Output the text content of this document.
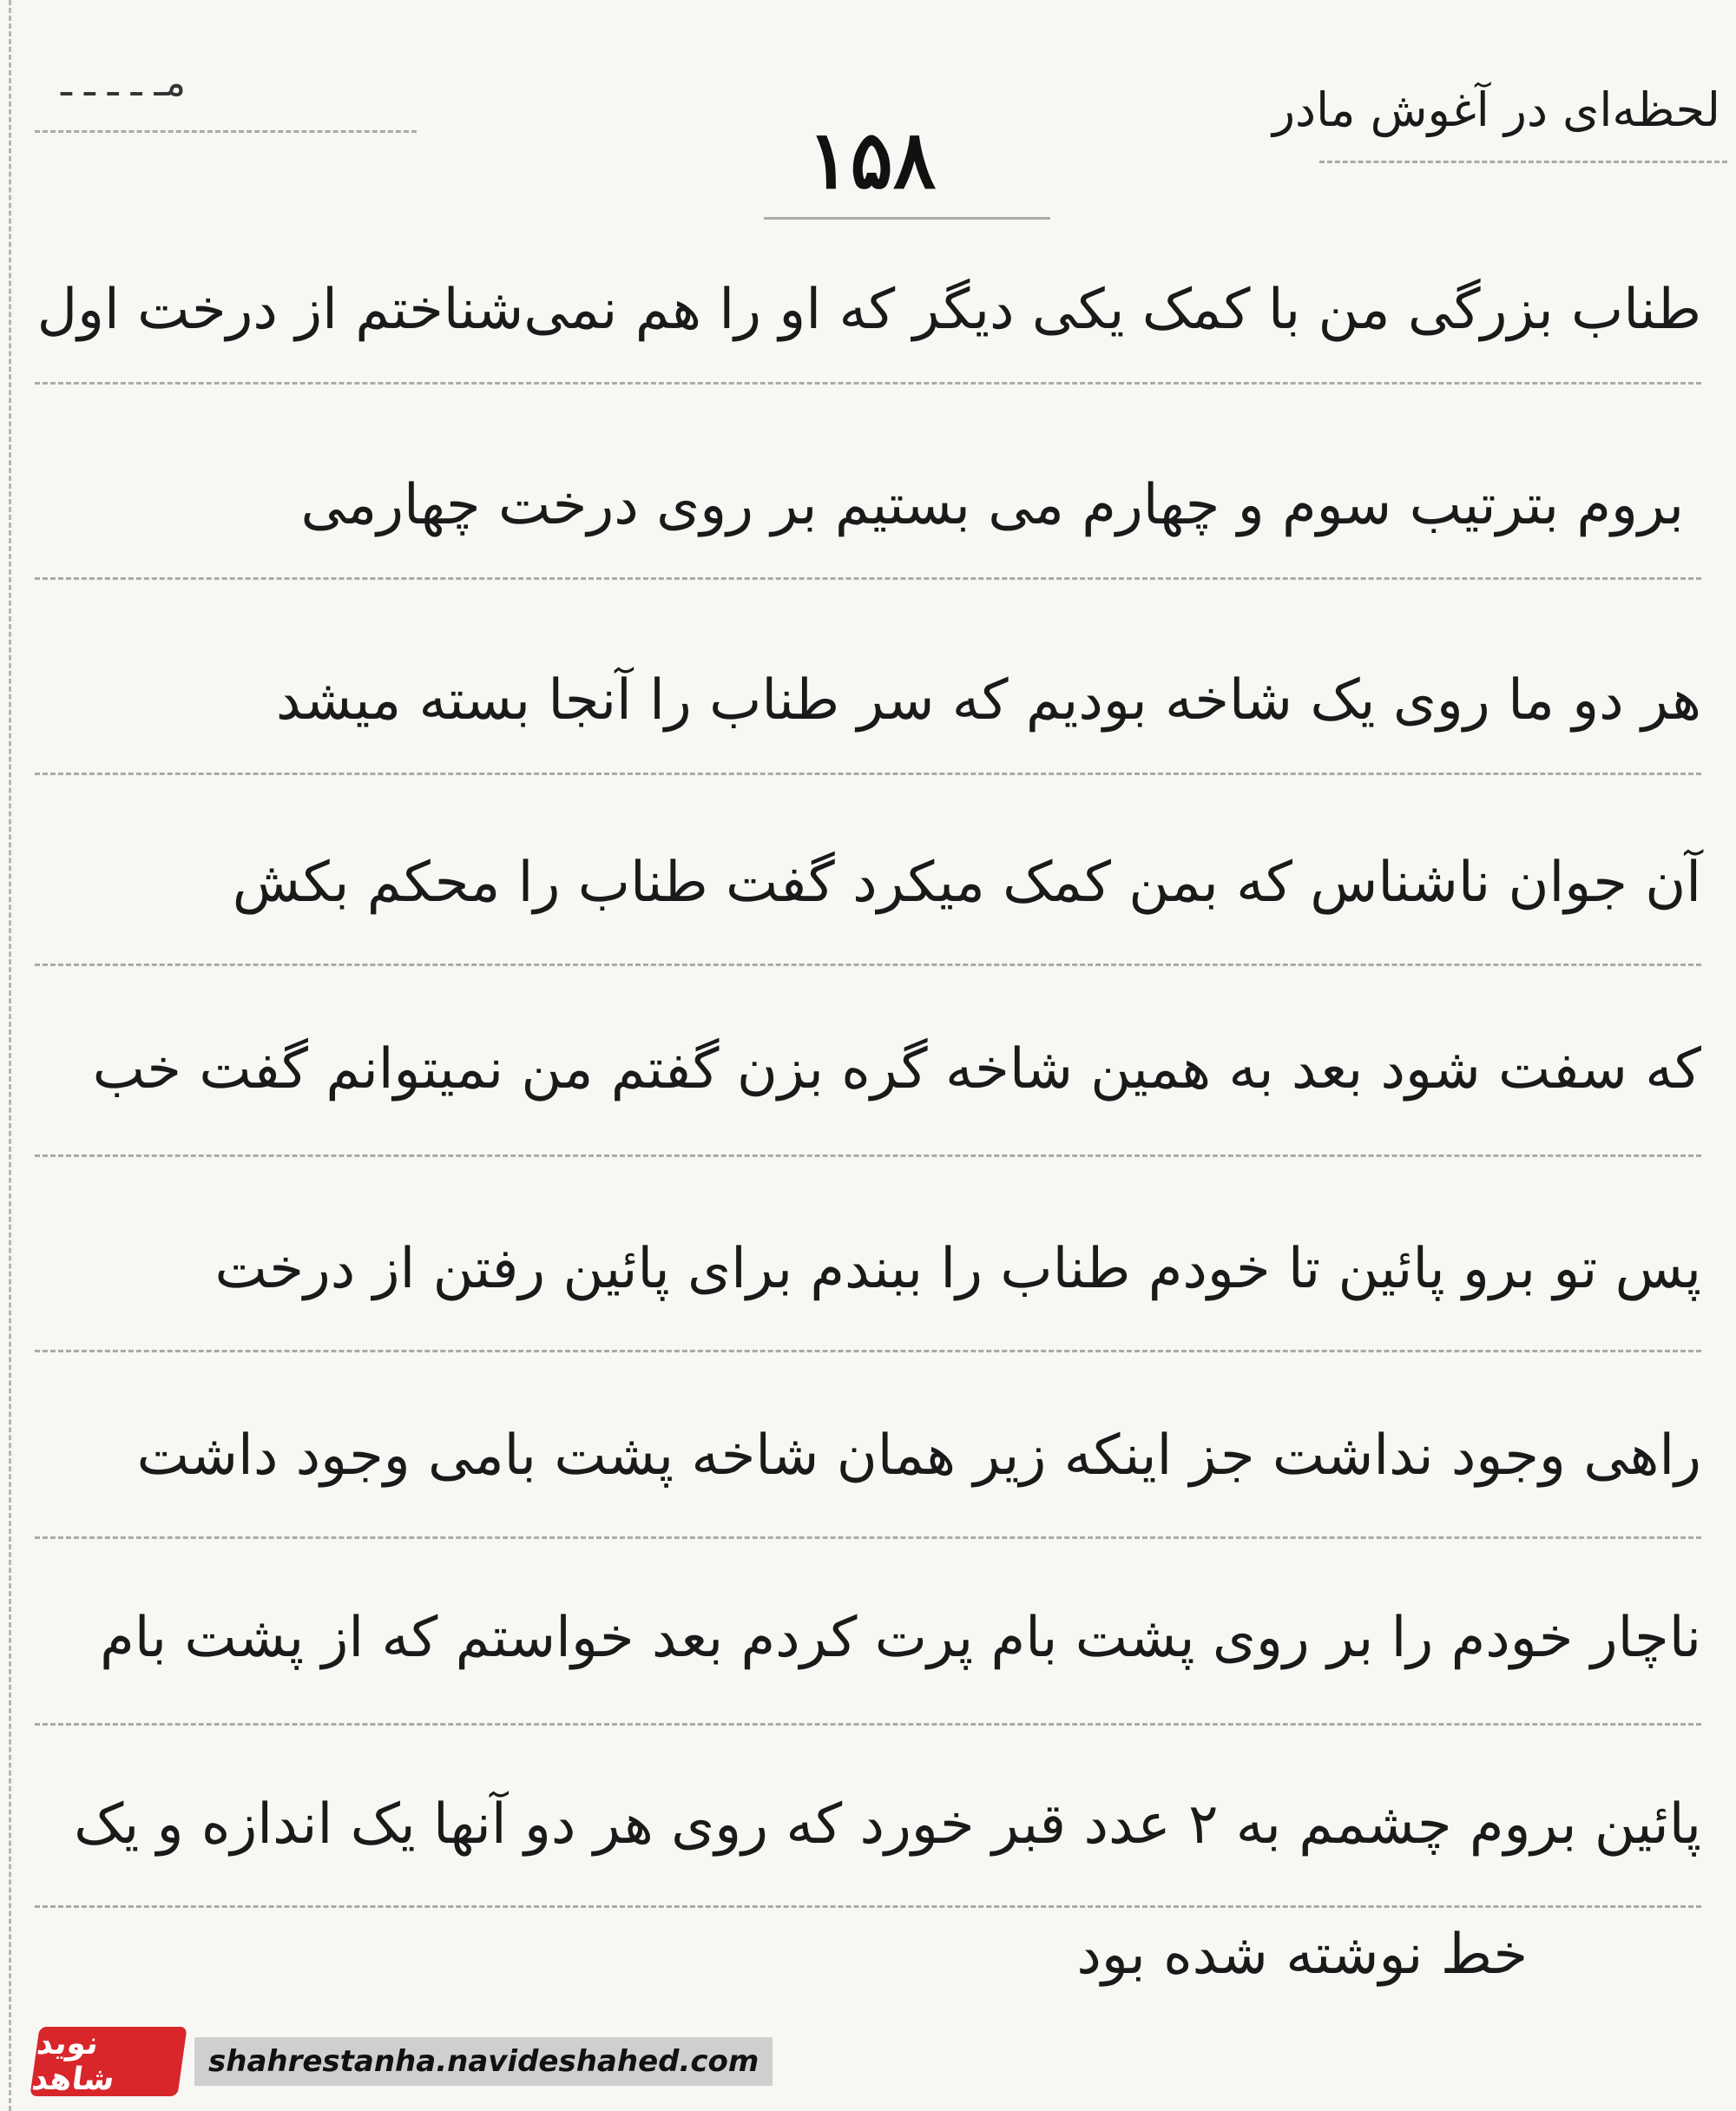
مـ ـ ـ ـ ـ	لحظه‌ای در آغوش مادر
۱۵۸
طناب بزرگی من با کمک یکی دیگر که او را هم نمی‌شناختم از درخت اول
بروم بترتیب سوم و چهارم می بستیم بر روی درخت چهارمی
هر دو ما روی یک شاخه بودیم که سر طناب را آنجا بسته میشد
آن جوان ناشناس که بمن کمک میکرد گفت طناب را محکم بکش
که سفت شود بعد به همین شاخه گره بزن گفتم من نمیتوانم گفت خب
پس تو برو پائین تا خودم طناب را ببندم برای پائین رفتن از درخت
راهی وجود نداشت جز اینکه زیر همان شاخه پشت بامی وجود داشت
ناچار خودم را بر روی پشت بام پرت کردم بعد خواستم که از پشت بام
پائین بروم چشمم به ۲ عدد قبر خورد که روی هر دو آنها یک اندازه و یک
خط نوشته شده بود
نوید شاهد	shahrestanha.navideshahed.com
